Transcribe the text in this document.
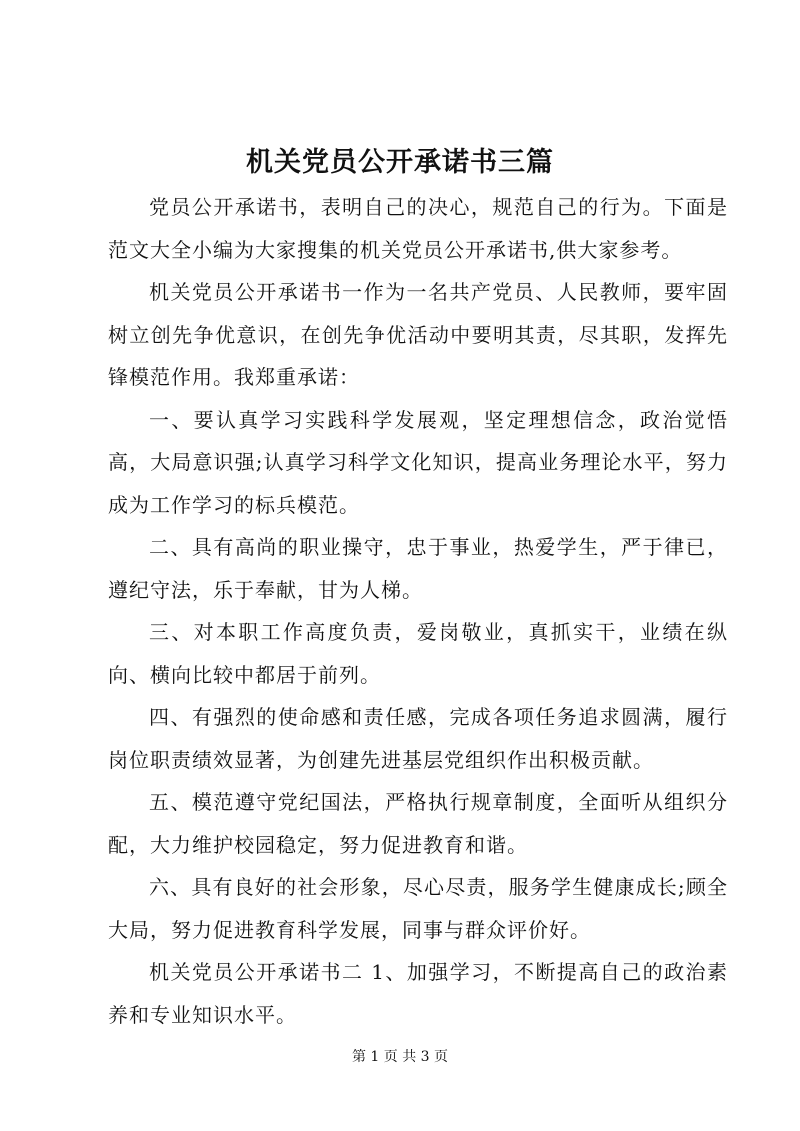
机关党员公开承诺书三篇

党员公开承诺书，表明自己的决心，规范自己的行为。下面是范文大全小编为大家搜集的机关党员公开承诺书,供大家参考。

机关党员公开承诺书一作为一名共产党员、人民教师，要牢固树立创先争优意识，在创先争优活动中要明其责，尽其职，发挥先锋模范作用。我郑重承诺：

一、要认真学习实践科学发展观，坚定理想信念，政治觉悟高，大局意识强;认真学习科学文化知识，提高业务理论水平，努力成为工作学习的标兵模范。

二、具有高尚的职业操守，忠于事业，热爱学生，严于律已，遵纪守法，乐于奉献，甘为人梯。

三、对本职工作高度负责，爱岗敬业，真抓实干，业绩在纵向、横向比较中都居于前列。

四、有强烈的使命感和责任感，完成各项任务追求圆满，履行岗位职责绩效显著，为创建先进基层党组织作出积极贡献。

五、模范遵守党纪国法，严格执行规章制度，全面听从组织分配，大力维护校园稳定，努力促进教育和谐。

六、具有良好的社会形象，尽心尽责，服务学生健康成长;顾全大局，努力促进教育科学发展，同事与群众评价好。

机关党员公开承诺书二 1、加强学习，不断提高自己的政治素养和专业知识水平。

第 1 页 共 3 页
